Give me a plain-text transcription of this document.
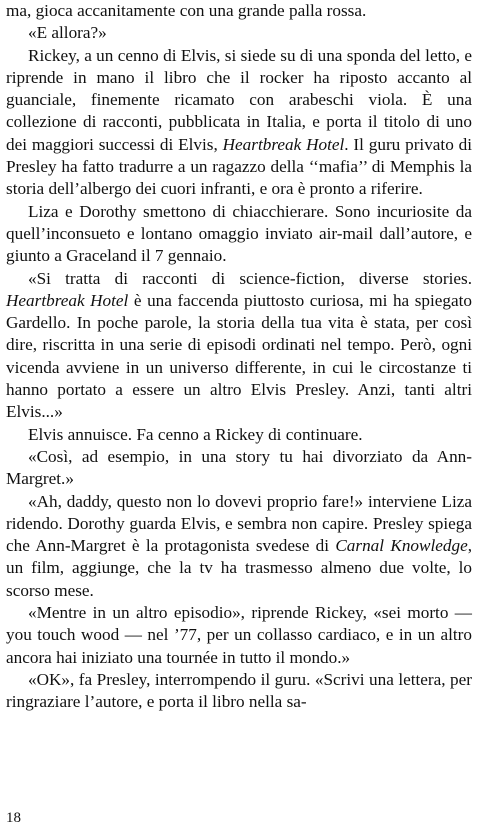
ma, gioca accanitamente con una grande palla rossa.

«E allora?»

Rickey, a un cenno di Elvis, si siede su di una sponda del letto, e riprende in mano il libro che il rocker ha riposto accanto al guanciale, finemente ricamato con arabeschi viola. È una collezione di racconti, pubblicata in Italia, e porta il titolo di uno dei maggiori successi di Elvis, Heartbreak Hotel. Il guru privato di Presley ha fatto tradurre a un ragazzo della ‘‘mafia’’ di Memphis la storia dell’albergo dei cuori infranti, e ora è pronto a riferire.

Liza e Dorothy smettono di chiacchierare. Sono incuriosite da quell’inconsueto e lontano omaggio inviato air-mail dall’autore, e giunto a Graceland il 7 gennaio.

«Si tratta di racconti di science-fiction, diverse stories. Heartbreak Hotel è una faccenda piuttosto curiosa, mi ha spiegato Gardello. In poche parole, la storia della tua vita è stata, per così dire, riscritta in una serie di episodi ordinati nel tempo. Però, ogni vicenda avviene in un universo differente, in cui le circostanze ti hanno portato a essere un altro Elvis Presley. Anzi, tanti altri Elvis...»

Elvis annuisce. Fa cenno a Rickey di continuare.

«Così, ad esempio, in una story tu hai divorziato da Ann-Margret.»

«Ah, daddy, questo non lo dovevi proprio fare!» interviene Liza ridendo. Dorothy guarda Elvis, e sembra non capire. Presley spiega che Ann-Margret è la protagonista svedese di Carnal Knowledge, un film, aggiunge, che la tv ha trasmesso almeno due volte, lo scorso mese.

«Mentre in un altro episodio», riprende Rickey, «sei morto — you touch wood — nel ’77, per un collasso cardiaco, e in un altro ancora hai iniziato una tournée in tutto il mondo.»

«OK», fa Presley, interrompendo il guru. «Scrivi una lettera, per ringraziare l’autore, e porta il libro nella sa-

18
